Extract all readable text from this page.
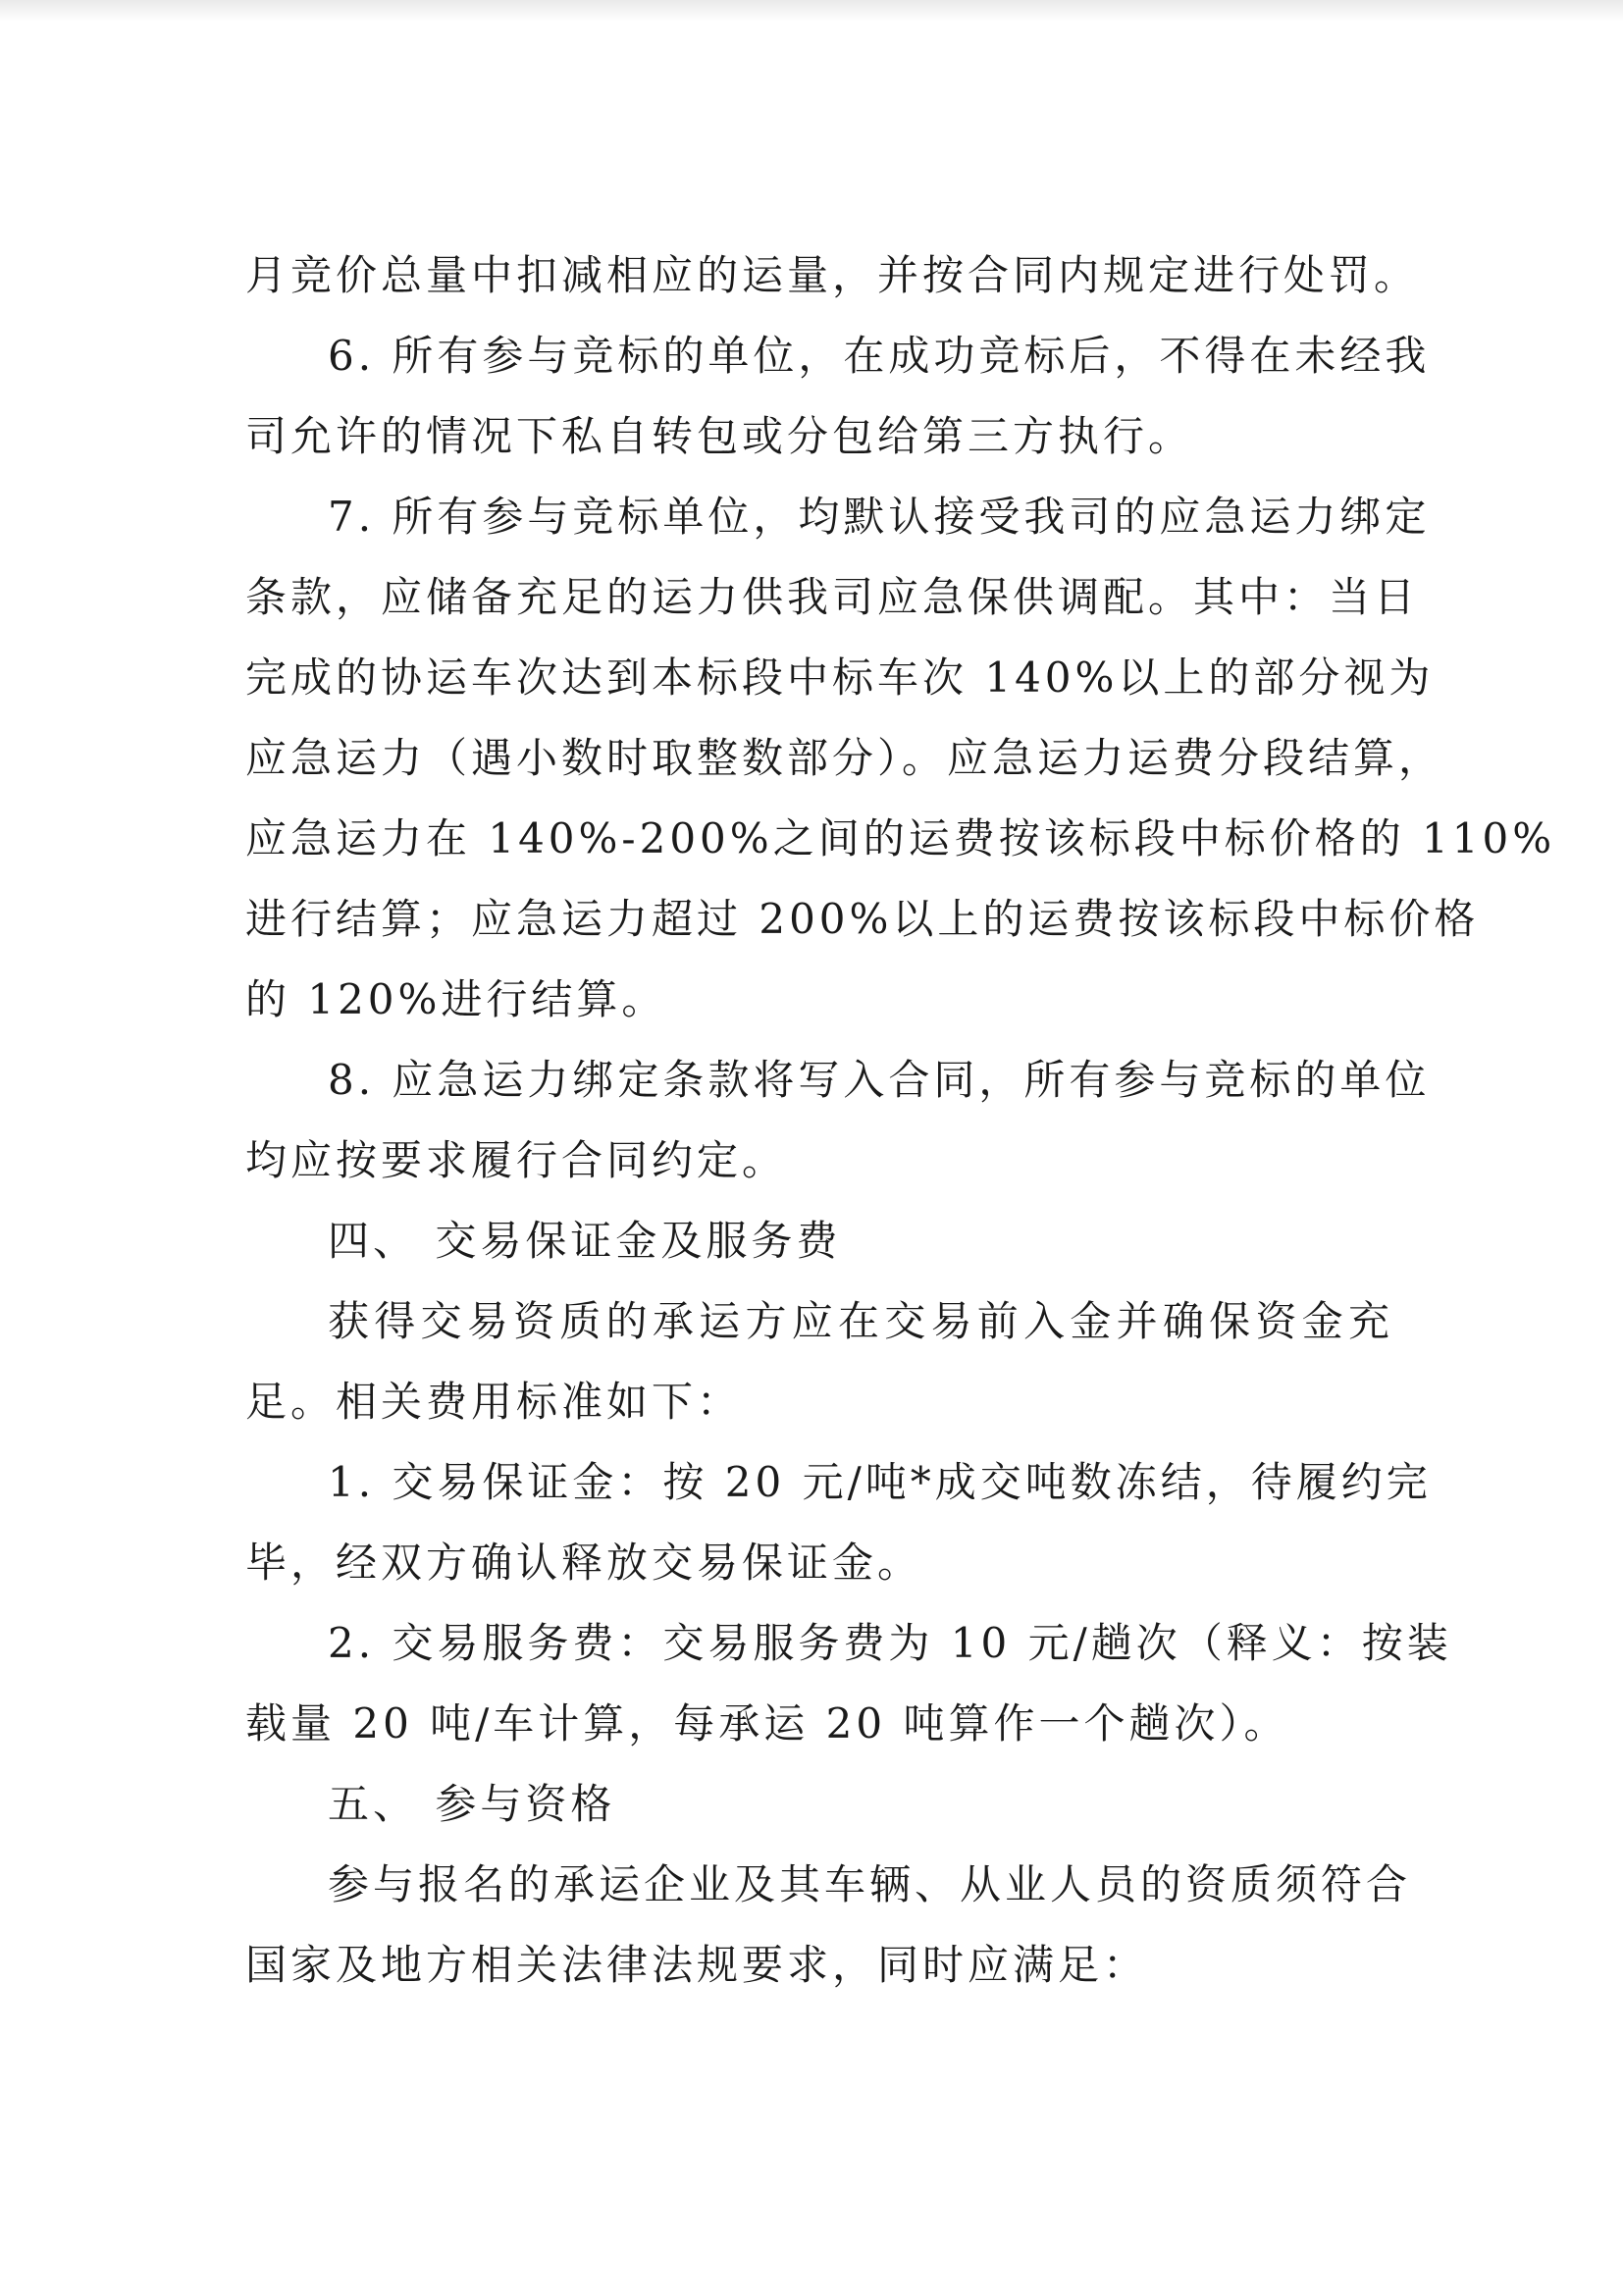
月竞价总量中扣减相应的运量，并按合同内规定进行处罚。

6. 所有参与竞标的单位，在成功竞标后，不得在未经我
司允许的情况下私自转包或分包给第三方执行。

7. 所有参与竞标单位，均默认接受我司的应急运力绑定
条款，应储备充足的运力供我司应急保供调配。其中：当日
完成的协运车次达到本标段中标车次 140%以上的部分视为
应急运力（遇小数时取整数部分）。应急运力运费分段结算，
应急运力在 140%-200%之间的运费按该标段中标价格的 110%
进行结算；应急运力超过 200%以上的运费按该标段中标价格
的 120%进行结算。

8. 应急运力绑定条款将写入合同，所有参与竞标的单位
均应按要求履行合同约定。

四、 交易保证金及服务费

获得交易资质的承运方应在交易前入金并确保资金充
足。相关费用标准如下：

1. 交易保证金：按 20 元/吨*成交吨数冻结，待履约完
毕，经双方确认释放交易保证金。

2. 交易服务费：交易服务费为 10 元/趟次（释义：按装
载量 20 吨/车计算，每承运 20 吨算作一个趟次）。

五、 参与资格

参与报名的承运企业及其车辆、从业人员的资质须符合
国家及地方相关法律法规要求，同时应满足：
